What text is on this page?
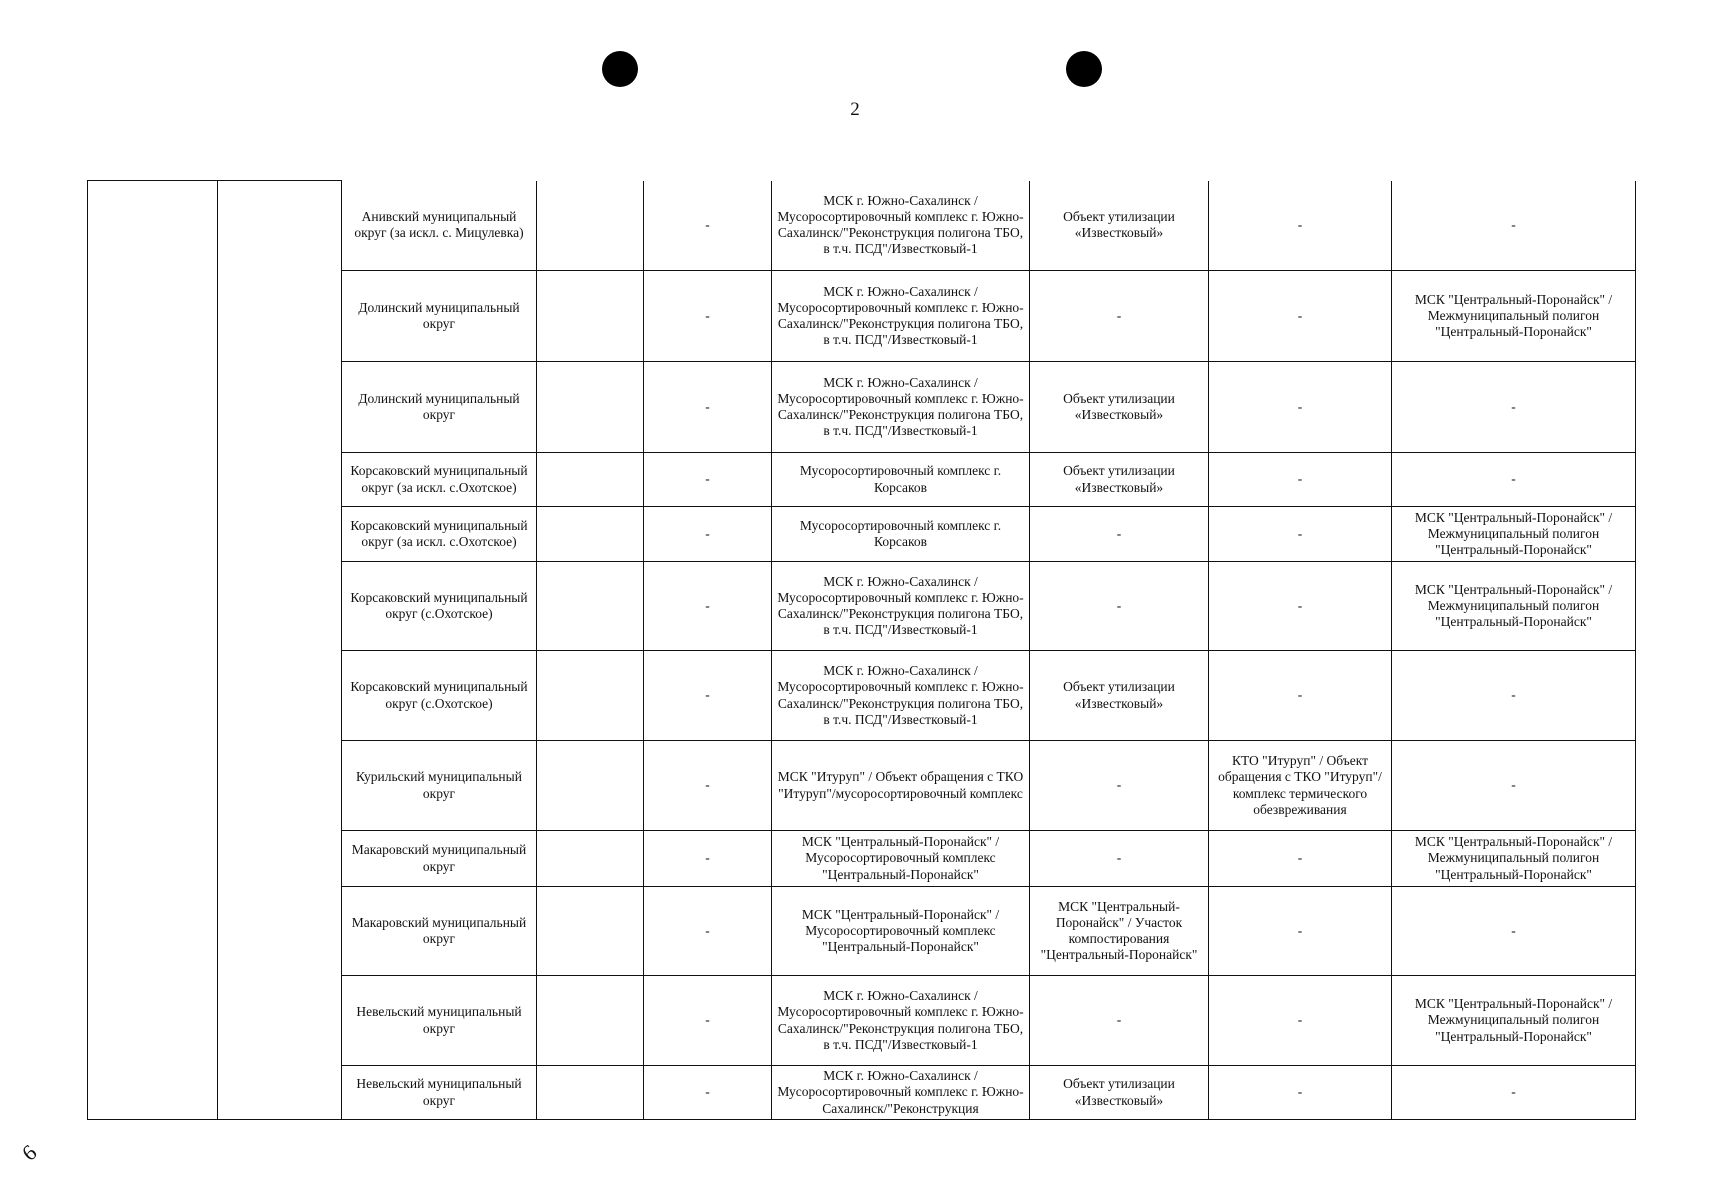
2
		Анивский муниципальный округ (за искл. с. Мицулевка)		-	МСК г. Южно-Сахалинск / Мусоросортировочный комплекс г. Южно-Сахалинск/"Реконструкция полигона ТБО, в т.ч. ПСД"/Известковый-1	Объект утилизации «Известковый»	-	-
		Долинский муниципальный округ		-	МСК г. Южно-Сахалинск / Мусоросортировочный комплекс г. Южно-Сахалинск/"Реконструкция полигона ТБО, в т.ч. ПСД"/Известковый-1	-	-	МСК "Центральный-Поронайск" / Межмуниципальный полигон "Центральный-Поронайск"
		Долинский муниципальный округ		-	МСК г. Южно-Сахалинск / Мусоросортировочный комплекс г. Южно-Сахалинск/"Реконструкция полигона ТБО, в т.ч. ПСД"/Известковый-1	Объект утилизации «Известковый»	-	-
		Корсаковский муниципальный округ (за искл. с.Охотское)		-	Мусоросортировочный комплекс г. Корсаков	Объект утилизации «Известковый»	-	-
		Корсаковский муниципальный округ (за искл. с.Охотское)		-	Мусоросортировочный комплекс г. Корсаков	-	-	МСК "Центральный-Поронайск" / Межмуниципальный полигон "Центральный-Поронайск"
		Корсаковский муниципальный округ (с.Охотское)		-	МСК г. Южно-Сахалинск / Мусоросортировочный комплекс г. Южно-Сахалинск/"Реконструкция полигона ТБО, в т.ч. ПСД"/Известковый-1	-	-	МСК "Центральный-Поронайск" / Межмуниципальный полигон "Центральный-Поронайск"
		Корсаковский муниципальный округ (с.Охотское)		-	МСК г. Южно-Сахалинск / Мусоросортировочный комплекс г. Южно-Сахалинск/"Реконструкция полигона ТБО, в т.ч. ПСД"/Известковый-1	Объект утилизации «Известковый»	-	-
		Курильский муниципальный округ		-	МСК "Итуруп" / Объект обращения с ТКО "Итуруп"/мусоросортировочный комплекс	-	КТО "Итуруп" / Объект обращения с ТКО "Итуруп"/комплекс термического обезвреживания	-
		Макаровский муниципальный округ		-	МСК "Центральный-Поронайск" / Мусоросортировочный комплекс "Центральный-Поронайск"	-	-	МСК "Центральный-Поронайск" / Межмуниципальный полигон "Центральный-Поронайск"
		Макаровский муниципальный округ		-	МСК "Центральный-Поронайск" / Мусоросортировочный комплекс "Центральный-Поронайск"	МСК "Центральный-Поронайск" / Участок компостирования "Центральный-Поронайск"	-	-
		Невельский муниципальный округ		-	МСК г. Южно-Сахалинск / Мусоросортировочный комплекс г. Южно-Сахалинск/"Реконструкция полигона ТБО, в т.ч. ПСД"/Известковый-1	-	-	МСК "Центральный-Поронайск" / Межмуниципальный полигон "Центральный-Поронайск"
		Невельский муниципальный округ		-	МСК г. Южно-Сахалинск / Мусоросортировочный комплекс г. Южно-Сахалинск/"Реконструкция	Объект утилизации «Известковый»	-	-
6
